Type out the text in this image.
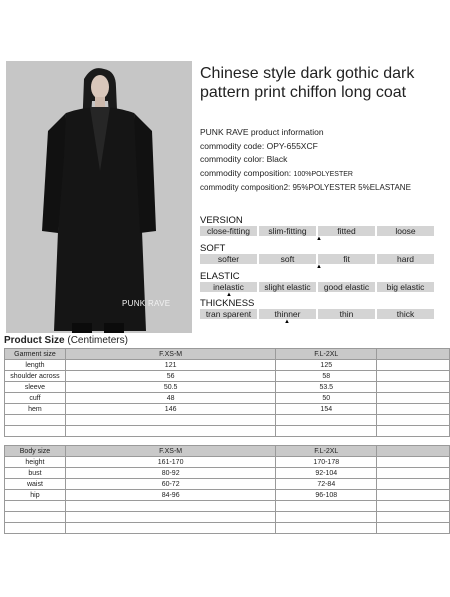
PUNK RAVE
Chinese style dark gothic dark pattern print chiffon long coat
PUNK RAVE product information
commodity code: OPY-655XCF
commodity color: Black
commodity composition: 100%POLYESTER
commodity composition2: 95%POLYESTER 5%ELASTANE
VERSION
close-fitting	slim-fitting	fitted	loose
▲
SOFT
softer	soft	fit	hard
▲
ELASTIC
inelastic	slight elastic	good elastic	big elastic
▲
THICKNESS
tran sparent	thinner	thin	thick
▲
Product Size (Centimeters)
Garment size	F.XS-M	F.L-2XL	
length	121	125	
shoulder across	56	58	
sleeve	50.5	53.5	
cuff	48	50	
hem	146	154	

Body size	F.XS-M	F.L-2XL	
height	161-170	170-178	
bust	80-92	92-104	
waist	60-72	72-84	
hip	84-96	96-108	
